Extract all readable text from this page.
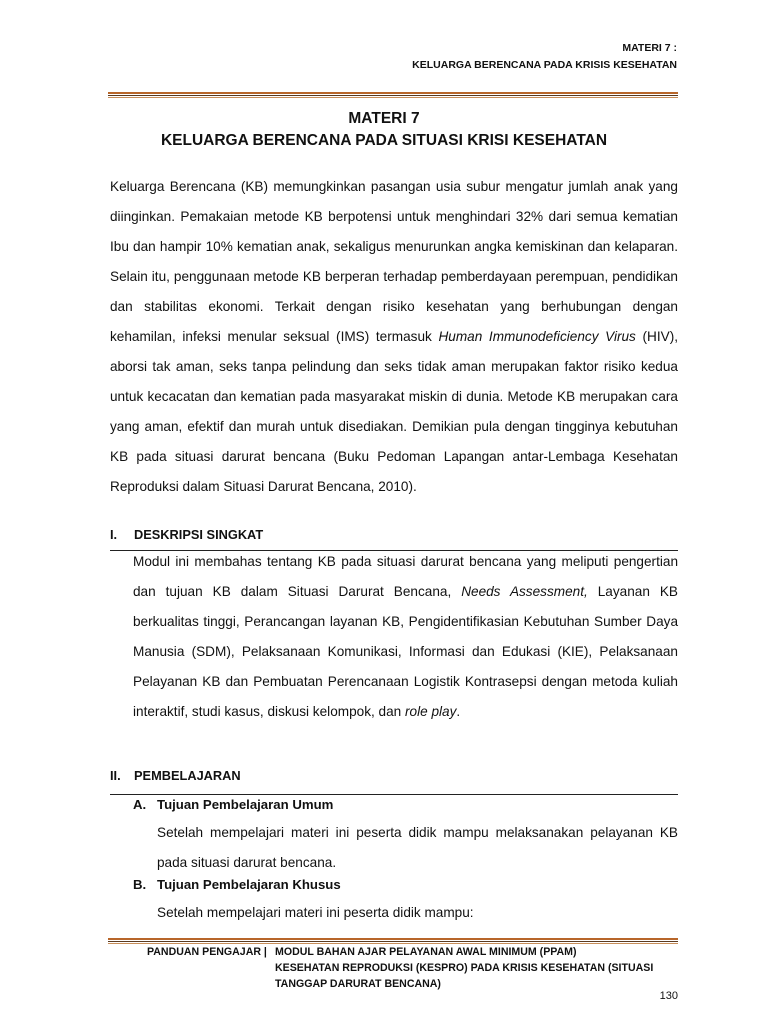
MATERI 7 :
KELUARGA BERENCANA PADA KRISIS KESEHATAN
MATERI 7
KELUARGA BERENCANA PADA SITUASI KRISI KESEHATAN
Keluarga Berencana (KB) memungkinkan pasangan usia subur mengatur jumlah anak yang diinginkan. Pemakaian metode KB berpotensi untuk menghindari 32% dari semua kematian Ibu dan hampir 10% kematian anak, sekaligus menurunkan angka kemiskinan dan kelaparan. Selain itu, penggunaan metode KB berperan terhadap pemberdayaan perempuan, pendidikan dan stabilitas ekonomi. Terkait dengan risiko kesehatan yang berhubungan dengan kehamilan, infeksi menular seksual (IMS) termasuk Human Immunodeficiency Virus (HIV), aborsi tak aman, seks tanpa pelindung dan seks tidak aman merupakan faktor risiko kedua untuk kecacatan dan kematian pada masyarakat miskin di dunia. Metode KB merupakan cara yang aman, efektif dan murah untuk disediakan. Demikian pula dengan tingginya kebutuhan KB pada situasi darurat bencana (Buku Pedoman Lapangan antar-Lembaga Kesehatan Reproduksi dalam Situasi Darurat Bencana, 2010).
I. DESKRIPSI SINGKAT
Modul ini membahas tentang KB pada situasi darurat bencana yang meliputi pengertian dan tujuan KB dalam Situasi Darurat Bencana, Needs Assessment, Layanan KB berkualitas tinggi, Perancangan layanan KB, Pengidentifikasian Kebutuhan Sumber Daya Manusia (SDM), Pelaksanaan Komunikasi, Informasi dan Edukasi (KIE), Pelaksanaan Pelayanan KB dan Pembuatan Perencanaan Logistik Kontrasepsi dengan metoda kuliah interaktif, studi kasus, diskusi kelompok, dan role play.
II. PEMBELAJARAN
A. Tujuan Pembelajaran Umum
Setelah mempelajari materi ini peserta didik mampu melaksanakan pelayanan KB pada situasi darurat bencana.
B. Tujuan Pembelajaran Khusus
Setelah mempelajari materi ini peserta didik mampu:
PANDUAN PENGAJAR | MODUL BAHAN AJAR PELAYANAN AWAL MINIMUM (PPAM)
KESEHATAN REPRODUKSI (KESPRO) PADA KRISIS KESEHATAN (SITUASI
TANGGAP DARURAT BENCANA)
130
